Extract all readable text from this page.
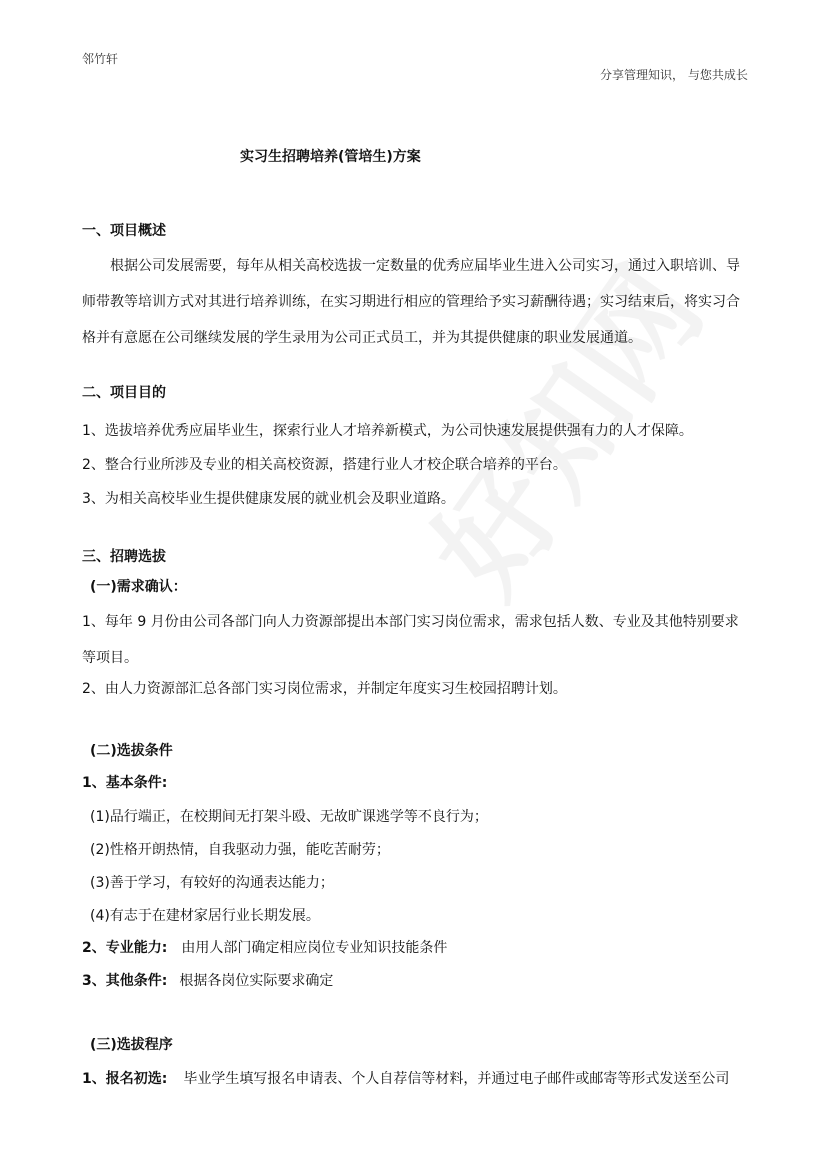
邻竹轩
分享管理知识， 与您共成长
实习生招聘培养(管培生)方案
一、项目概述
根据公司发展需要，每年从相关高校选拔一定数量的优秀应届毕业生进入公司实习，通过入职培训、导师带教等培训方式对其进行培养训练，在实习期进行相应的管理给予实习薪酬待遇；实习结束后，将实习合格并有意愿在公司继续发展的学生录用为公司正式员工，并为其提供健康的职业发展通道。
二、项目目的
1、选拔培养优秀应届毕业生，探索行业人才培养新模式，为公司快速发展提供强有力的人才保障。
2、整合行业所涉及专业的相关高校资源，搭建行业人才校企联合培养的平台。
3、为相关高校毕业生提供健康发展的就业机会及职业道路。
三、招聘选拔
(一)需求确认：
1、每年 9 月份由公司各部门向人力资源部提出本部门实习岗位需求，需求包括人数、专业及其他特别要求等项目。
2、由人力资源部汇总各部门实习岗位需求，并制定年度实习生校园招聘计划。
(二)选拔条件
1、基本条件:
(1)品行端正，在校期间无打架斗殴、无故旷课逃学等不良行为；
(2)性格开朗热情，自我驱动力强，能吃苦耐劳；
(3)善于学习，有较好的沟通表达能力；
(4)有志于在建材家居行业长期发展。
2、专业能力: 由用人部门确定相应岗位专业知识技能条件
3、其他条件: 根据各岗位实际要求确定
(三)选拔程序
1、报名初选: 毕业学生填写报名申请表、个人自荐信等材料，并通过电子邮件或邮寄等形式发送至公司
